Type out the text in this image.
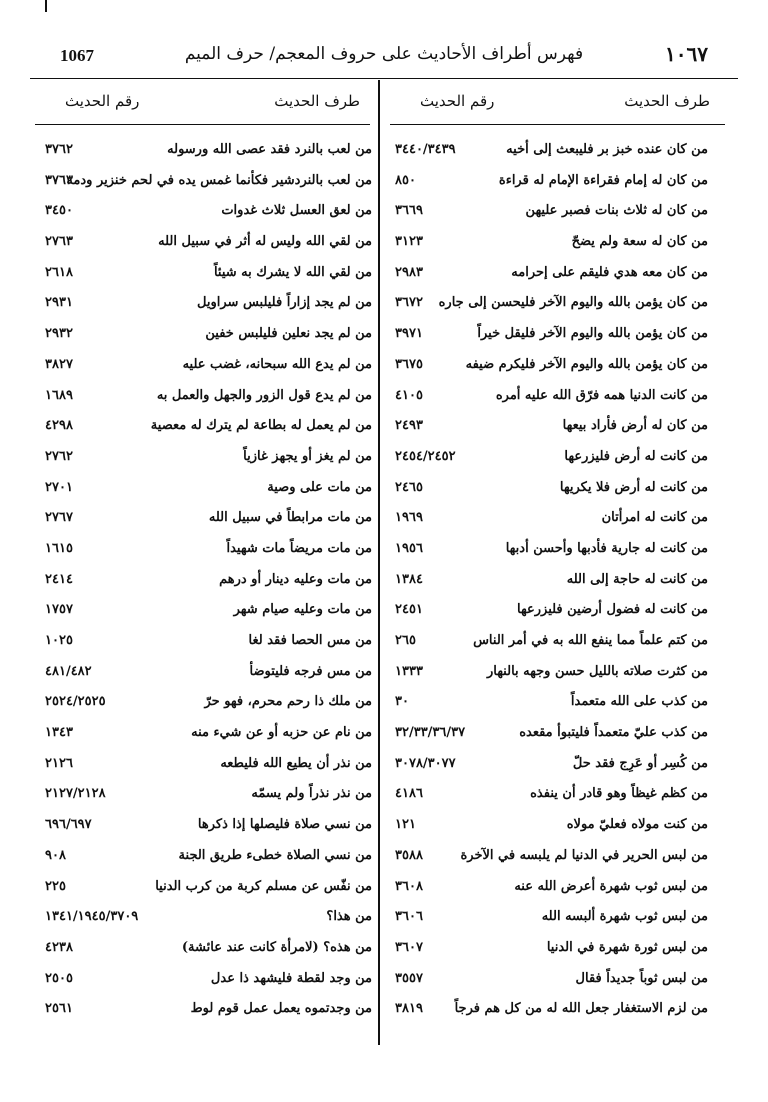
1067	فهرس أطراف الأحاديث على حروف المعجم/ حرف الميم	١٠٦٧
طرف الحديث
رقم الحديث
من كان عنده خبز بر فليبعث إلى أخيه
٣٤٤٠/٣٤٣٩
من كان له إمام فقراءة الإمام له قراءة
٨٥٠
من كان له ثلاث بنات فصبر عليهن
٣٦٦٩
من كان له سعة ولم يضحّ
٣١٢٣
من كان معه هدي فليقم على إحرامه
٢٩٨٣
من كان يؤمن بالله واليوم الآخر فليحسن إلى جاره
٣٦٧٢
من كان يؤمن بالله واليوم الآخر فليقل خيراً
٣٩٧١
من كان يؤمن بالله واليوم الآخر فليكرم ضيفه
٣٦٧٥
من كانت الدنيا همه فرّق الله عليه أمره
٤١٠٥
من كان له أرض فأراد بيعها
٢٤٩٣
من كانت له أرض فليزرعها
٢٤٥٤/٢٤٥٢
من كانت له أرض فلا يكريها
٢٤٦٥
من كانت له امرأتان
١٩٦٩
من كانت له جارية فأدبها وأحسن أدبها
١٩٥٦
من كانت له حاجة إلى الله
١٣٨٤
من كانت له فضول أرضين فليزرعها
٢٤٥١
من كتم علماً مما ينفع الله به في أمر الناس
٢٦٥
من كثرت صلاته بالليل حسن وجهه بالنهار
١٣٣٣
من كذب على الله متعمداً
٣٠
من كذب عليّ متعمداً فليتبوأ مقعده
٣٢/٣٣/٣٦/٣٧
من كُسِر أو عَرِج فقد حلّ
٣٠٧٨/٣٠٧٧
من كظم غيظاً وهو قادر أن ينفذه
٤١٨٦
من كنت مولاه فعليّ مولاه
١٢١
من لبس الحرير في الدنيا لم يلبسه في الآخرة
٣٥٨٨
من لبس ثوب شهرة أعرض الله عنه
٣٦٠٨
من لبس ثوب شهرة ألبسه الله
٣٦٠٦
من لبس ثورة شهرة في الدنيا
٣٦٠٧
من لبس ثوباً جديداً فقال
٣٥٥٧
من لزم الاستغفار جعل الله له من كل هم فرجاً
٣٨١٩
طرف الحديث
رقم الحديث
من لعب بالنرد فقد عصى الله ورسوله
٣٧٦٢
من لعب بالنردشير فكأنما غمس يده في لحم خنزير ودمه
٣٧٦٣
من لعق العسل ثلاث غدوات
٣٤٥٠
من لقي الله وليس له أثر في سبيل الله
٢٧٦٣
من لقي الله لا يشرك به شيئاً
٢٦١٨
من لم يجد إزاراً فليلبس سراويل
٢٩٣١
من لم يجد نعلين فليلبس خفين
٢٩٣٢
من لم يدع الله سبحانه، غضب عليه
٣٨٢٧
من لم يدع قول الزور والجهل والعمل به
١٦٨٩
من لم يعمل له بطاعة لم يترك له معصية
٤٢٩٨
من لم يغز أو يجهز غازياً
٢٧٦٢
من مات على وصية
٢٧٠١
من مات مرابطاً في سبيل الله
٢٧٦٧
من مات مريضاً مات شهيداً
١٦١٥
من مات وعليه دينار أو درهم
٢٤١٤
من مات وعليه صيام شهر
١٧٥٧
من مس الحصا فقد لغا
١٠٢٥
من مس فرجه فليتوضأ
٤٨١/٤٨٢
من ملك ذا رحم محرم، فهو حرّ
٢٥٢٤/٢٥٢٥
من نام عن حزبه أو عن شيء منه
١٣٤٣
من نذر أن يطيع الله فليطعه
٢١٢٦
من نذر نذراً ولم يسمّه
٢١٢٧/٢١٢٨
من نسي صلاة فليصلها إذا ذكرها
٦٩٦/٦٩٧
من نسي الصلاة خطىء طريق الجنة
٩٠٨
من نفّس عن مسلم كربة من كرب الدنيا
٢٢٥
من هذا؟
١٣٤١/١٩٤٥/٣٧٠٩
من هذه؟ (لامرأة كانت عند عائشة)
٤٢٣٨
من وجد لقطة فليشهد ذا عدل
٢٥٠٥
من وجدتموه يعمل عمل قوم لوط
٢٥٦١
